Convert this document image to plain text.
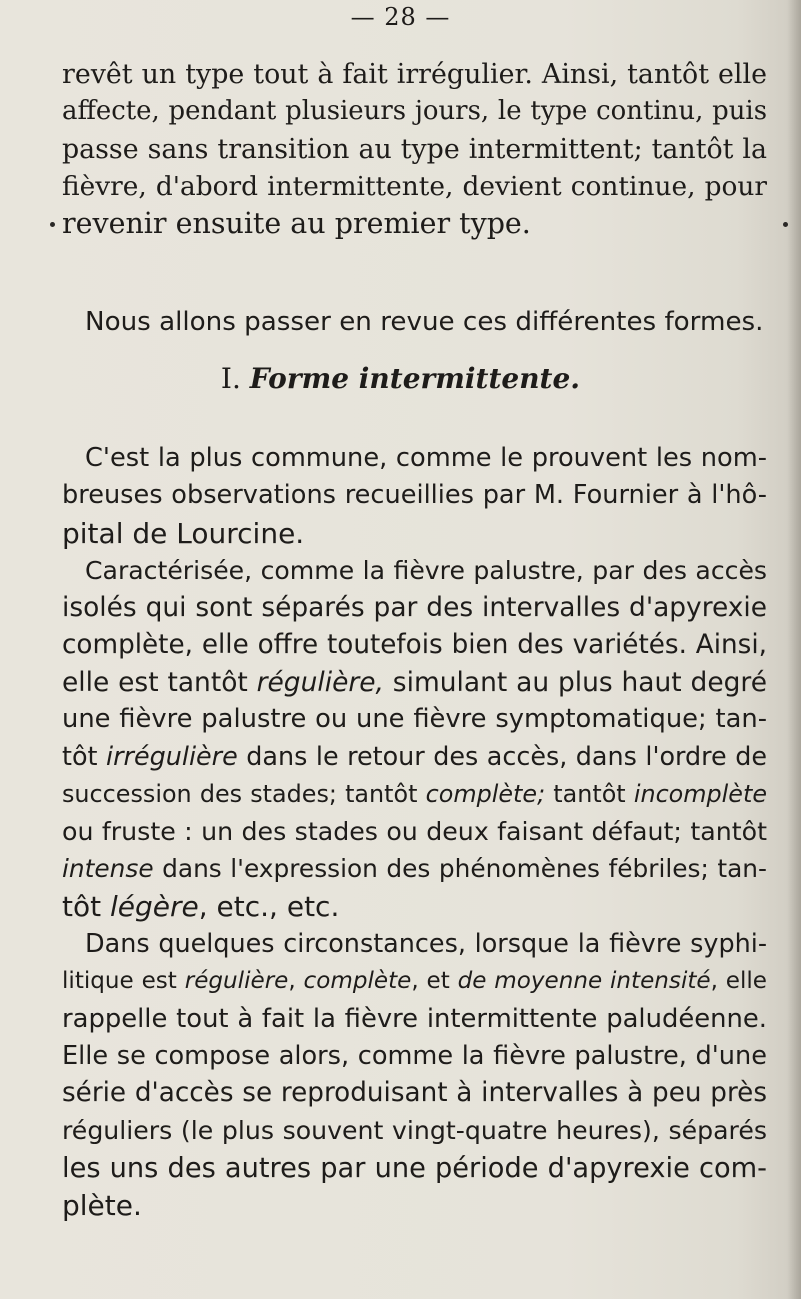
— 28 —
revêt un type tout à fait irrégulier. Ainsi, tantôt elle
affecte, pendant plusieurs jours, le type continu, puis
passe sans transition au type intermittent; tantôt la
fièvre, d'abord intermittente, devient continue, pour
revenir ensuite au premier type.
Nous allons passer en revue ces différentes formes.
I. Forme intermittente.
C'est la plus commune, comme le prouvent les nom-
breuses observations recueillies par M. Fournier à l'hô-
pital de Lourcine.
Caractérisée, comme la fièvre palustre, par des accès
isolés qui sont séparés par des intervalles d'apyrexie
complète, elle offre toutefois bien des variétés. Ainsi,
elle est tantôt régulière, simulant au plus haut degré
une fièvre palustre ou une fièvre symptomatique; tan-
tôt irrégulière dans le retour des accès, dans l'ordre de
succession des stades; tantôt complète; tantôt incomplète
ou fruste : un des stades ou deux faisant défaut; tantôt
intense dans l'expression des phénomènes fébriles; tan-
tôt légère, etc., etc.
Dans quelques circonstances, lorsque la fièvre syphi-
litique est régulière, complète, et de moyenne intensité, elle
rappelle tout à fait la fièvre intermittente paludéenne.
Elle se compose alors, comme la fièvre palustre, d'une
série d'accès se reproduisant à intervalles à peu près
réguliers (le plus souvent vingt-quatre heures), séparés
les uns des autres par une période d'apyrexie com-
plète.
